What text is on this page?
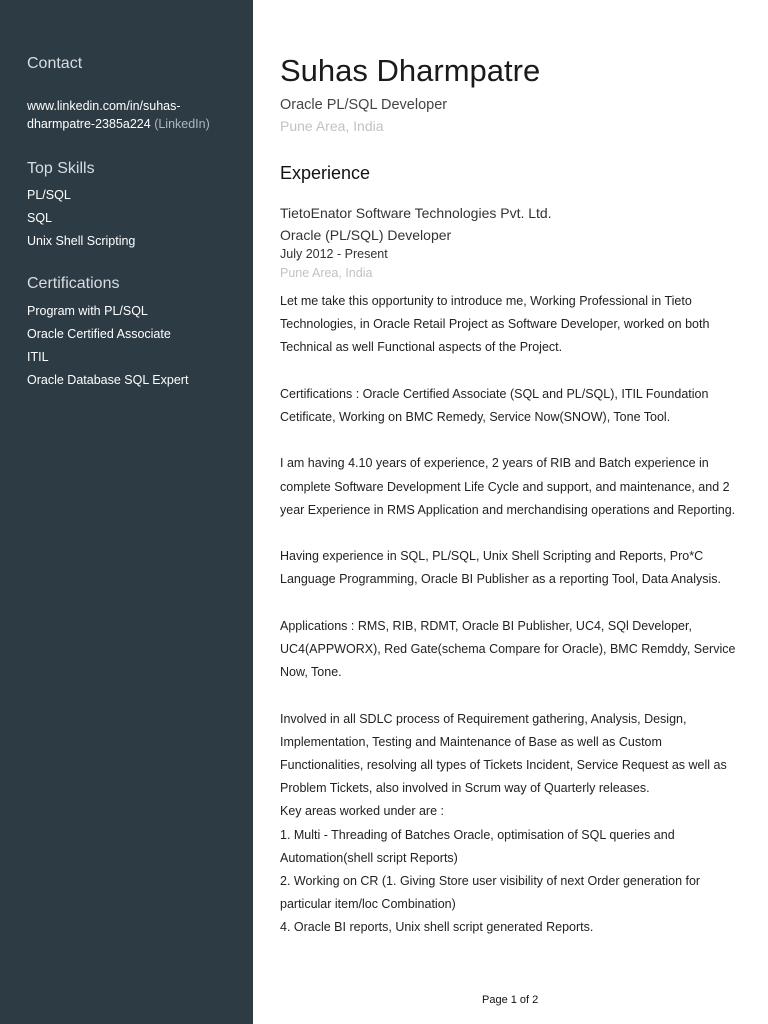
Contact
www.linkedin.com/in/suhas-dharmpatre-2385a224 (LinkedIn)
Top Skills
PL/SQL
SQL
Unix Shell Scripting
Certifications
Program with PL/SQL
Oracle Certified Associate
ITIL
Oracle Database SQL Expert
Suhas Dharmpatre
Oracle PL/SQL Developer
Pune Area, India
Experience
TietoEnator Software Technologies Pvt. Ltd.
Oracle (PL/SQL) Developer
July 2012 - Present
Pune Area, India

Let me take this opportunity to introduce me, Working Professional in Tieto Technologies, in Oracle Retail Project as Software Developer, worked on both Technical as well Functional aspects of the Project.

Certifications : Oracle Certified Associate (SQL and PL/SQL), ITIL Foundation Cetificate, Working on BMC Remedy, Service Now(SNOW), Tone Tool.

I am having 4.10 years of experience, 2 years of RIB and Batch experience in complete Software Development Life Cycle and support, and maintenance, and 2 year Experience in RMS Application and merchandising operations and Reporting.

Having experience in SQL, PL/SQL, Unix Shell Scripting and Reports, Pro*C Language Programming, Oracle BI Publisher as a reporting Tool, Data Analysis.

Applications : RMS, RIB, RDMT, Oracle BI Publisher, UC4, SQl Developer, UC4(APPWORX), Red Gate(schema Compare for Oracle), BMC Remddy, Service Now, Tone.

Involved in all SDLC process of Requirement gathering, Analysis, Design, Implementation, Testing and Maintenance of Base as well as Custom Functionalities, resolving all types of Tickets Incident, Service Request as well as Problem Tickets, also involved in Scrum way of Quarterly releases.

Key areas worked under are :
1. Multi - Threading of Batches Oracle, optimisation of SQL queries and Automation(shell script Reports)
2. Working on CR (1. Giving Store user visibility of next Order generation for particular item/loc Combination)
4. Oracle BI reports, Unix shell script generated Reports.
Page 1 of 2
